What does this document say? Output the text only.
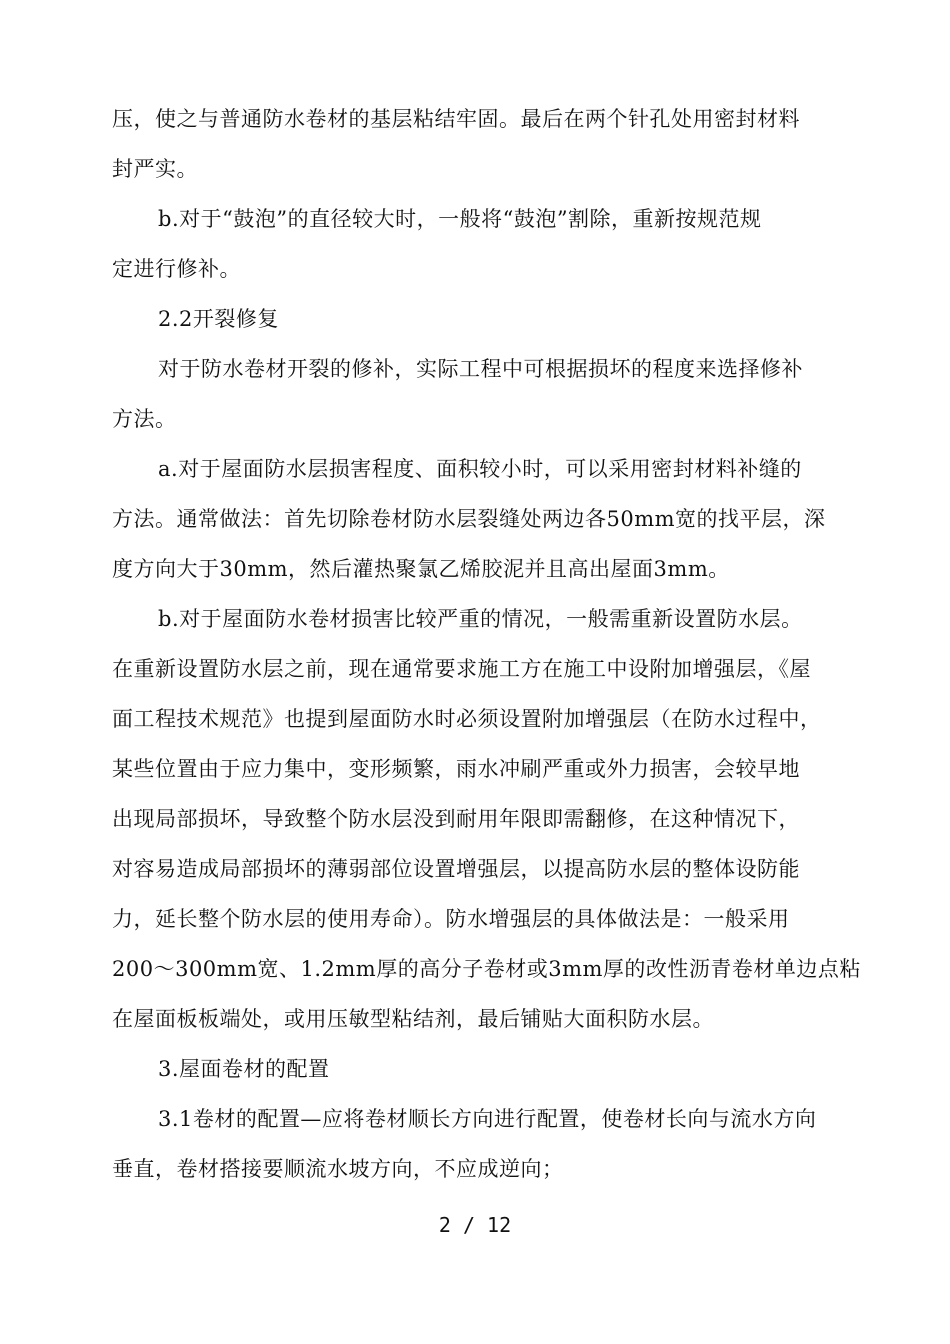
压，使之与普通防水卷材的基层粘结牢固。最后在两个针孔处用密封材料
封严实。
b.对于“鼓泡”的直径较大时，一般将“鼓泡”割除，重新按规范规
定进行修补。
2.2开裂修复
对于防水卷材开裂的修补，实际工程中可根据损坏的程度来选择修补
方法。
a.对于屋面防水层损害程度、面积较小时，可以采用密封材料补缝的
方法。通常做法：首先切除卷材防水层裂缝处两边各50mm宽的找平层，深
度方向大于30mm，然后灌热聚氯乙烯胶泥并且高出屋面3mm。
b.对于屋面防水卷材损害比较严重的情况，一般需重新设置防水层。
在重新设置防水层之前，现在通常要求施工方在施工中设附加增强层，《屋
面工程技术规范》也提到屋面防水时必须设置附加增强层（在防水过程中，
某些位置由于应力集中，变形频繁，雨水冲刷严重或外力损害，会较早地
出现局部损坏，导致整个防水层没到耐用年限即需翻修，在这种情况下，
对容易造成局部损坏的薄弱部位设置增强层，以提高防水层的整体设防能
力，延长整个防水层的使用寿命）。防水增强层的具体做法是：一般采用
200～300mm宽、1.2mm厚的高分子卷材或3mm厚的改性沥青卷材单边点粘
在屋面板板端处，或用压敏型粘结剂，最后铺贴大面积防水层。
3.屋面卷材的配置
3.1卷材的配置—应将卷材顺长方向进行配置，使卷材长向与流水方向
垂直，卷材搭接要顺流水坡方向，不应成逆向；
2 / 12
